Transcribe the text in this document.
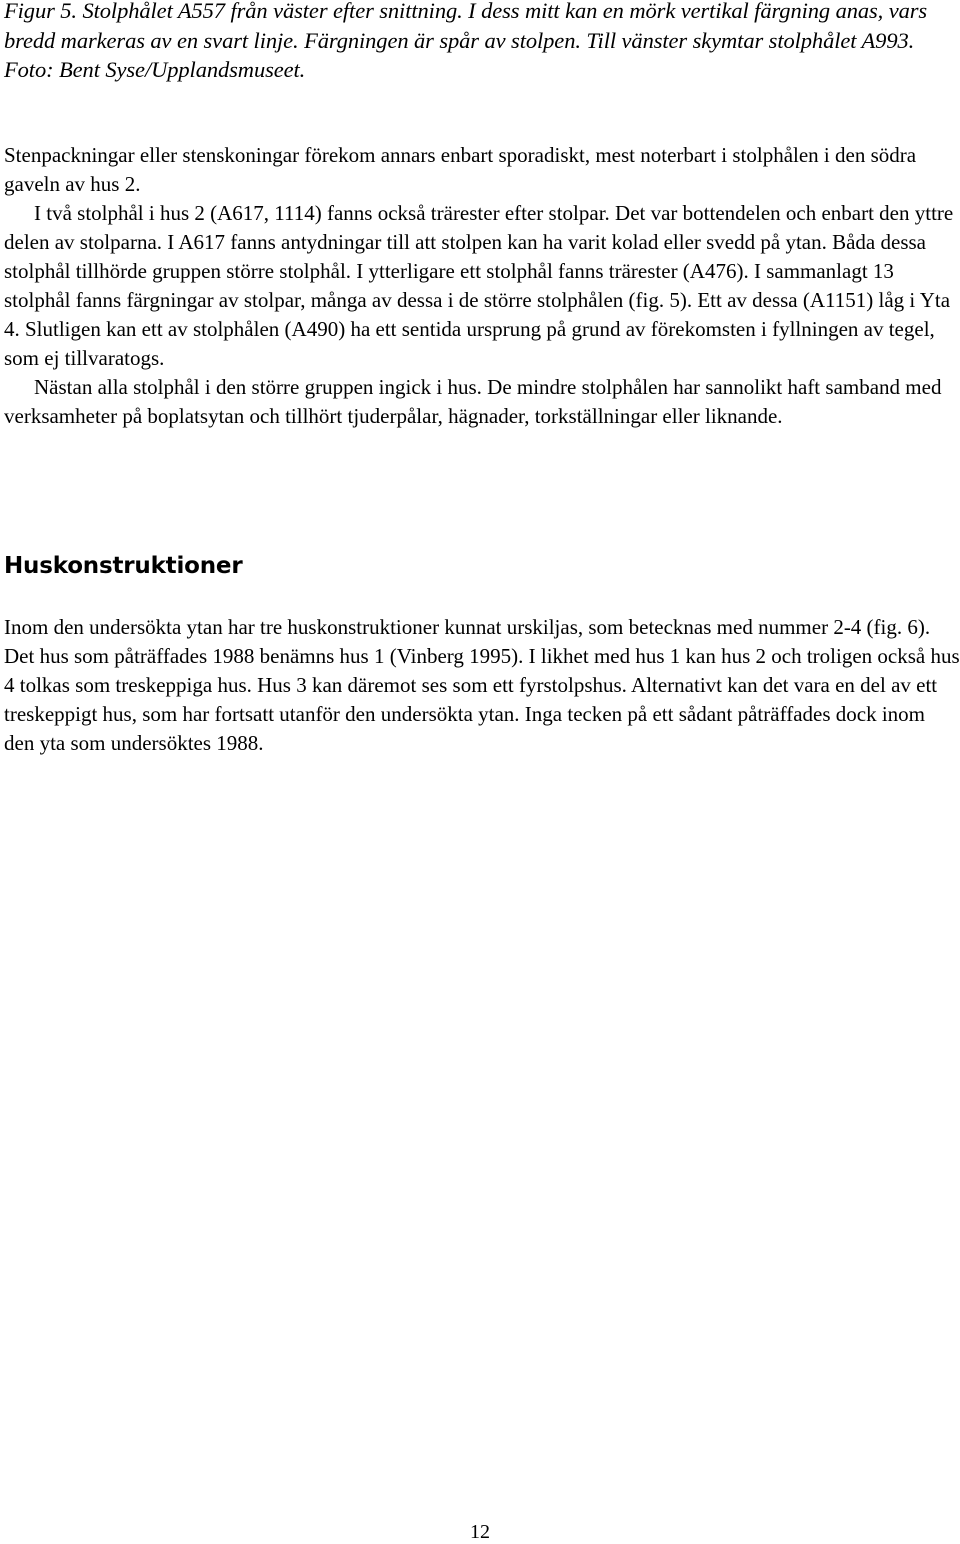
Figur 5. Stolphålet A557 från väster efter snittning. I dess mitt kan en mörk vertikal färgning anas, vars bredd markeras av en svart linje. Färgningen är spår av stolpen. Till vänster skymtar stolphålet A993. Foto: Bent Syse/Upplandsmuseet.

Stenpackningar eller stenskoningar förekom annars enbart sporadiskt, mest noterbart i stolphålen i den södra gaveln av hus 2.

I två stolphål i hus 2 (A617, 1114) fanns också trärester efter stolpar. Det var bottendelen och enbart den yttre delen av stolparna. I A617 fanns antydningar till att stolpen kan ha varit kolad eller svedd på ytan. Båda dessa stolphål tillhörde gruppen större stolphål. I ytterligare ett stolphål fanns trärester (A476). I sammanlagt 13 stolphål fanns färgningar av stolpar, många av dessa i de större stolphålen (fig. 5). Ett av dessa (A1151) låg i Yta 4. Slutligen kan ett av stolphålen (A490) ha ett sentida ursprung på grund av förekomsten i fyllningen av tegel, som ej tillvaratogs.

Nästan alla stolphål i den större gruppen ingick i hus. De mindre stolphålen har sannolikt haft samband med verksamheter på boplatsytan och tillhört tjuderpålar, hägnader, torkställningar eller liknande.

Huskonstruktioner

Inom den undersökta ytan har tre huskonstruktioner kunnat urskiljas, som betecknas med nummer 2-4 (fig. 6). Det hus som påträffades 1988 benämns hus 1 (Vinberg 1995). I likhet med hus 1 kan hus 2 och troligen också hus 4 tolkas som treskeppiga hus. Hus 3 kan däremot ses som ett fyrstolpshus. Alternativt kan det vara en del av ett treskeppigt hus, som har fortsatt utanför den undersökta ytan. Inga tecken på ett sådant påträffades dock inom den yta som undersöktes 1988.

12
